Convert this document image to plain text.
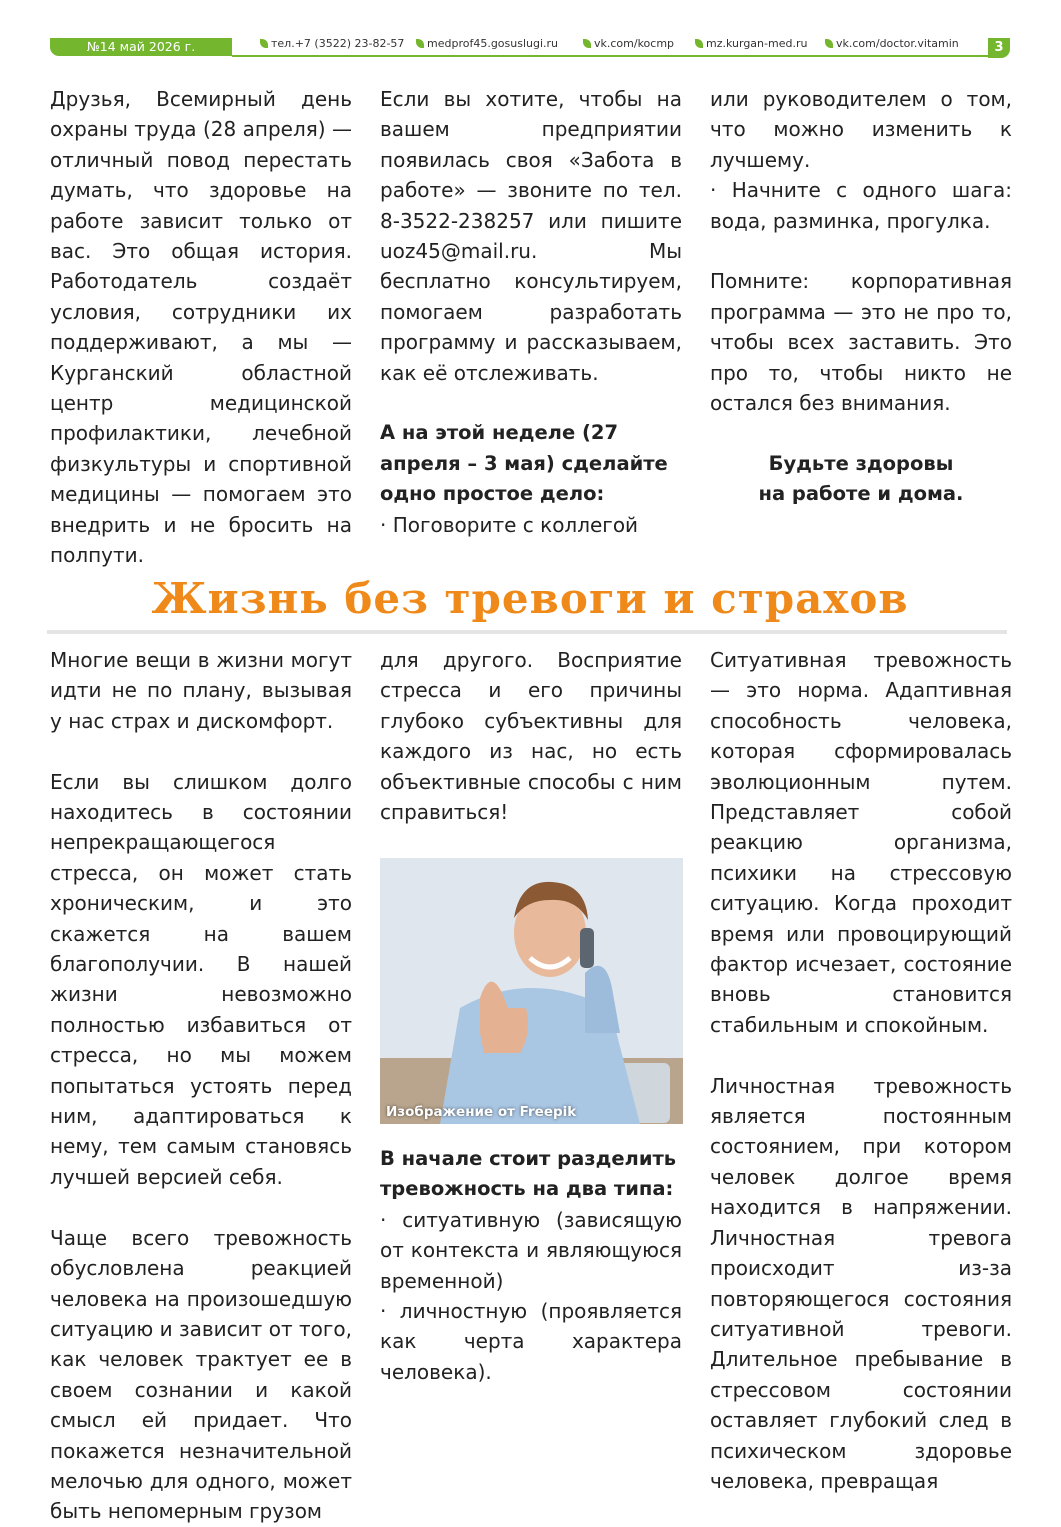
№14 май 2026 г.	тел.+7 (3522) 23-82-57	medprof45.gosuslugi.ru	vk.com/kocmp	mz.kurgan-med.ru	vk.com/doctor.vitamin	3

Друзья, Всемирный день охраны труда (28 апреля) — отличный повод перестать думать, что здоровье на работе зависит только от вас. Это общая история. Работодатель создаёт условия, сотрудники их поддерживают, а мы — Курганский областной центр медицинской профилактики, лечебной физкультуры и спортивной медицины — помогаем это внедрить и не бросить на полпути.

Если вы хотите, чтобы на вашем предприятии появилась своя «Забота в работе» — звоните по тел. 8-3522-238257 или пишите uoz45@mail.ru. Мы бесплатно консультируем, помогаем разработать программу и рассказываем, как её отслеживать.

А на этой неделе (27 апреля – 3 мая) сделайте одно простое дело:

· Поговорите с коллегой

или руководителем о том, что можно изменить к лучшему.

· Начните с одного шага: вода, разминка, прогулка.

Помните: корпоративная программа — это не про то, чтобы всех заставить. Это про то, чтобы никто не остался без внимания.

Будьте здоровы
на работе и дома.
Жизнь без тревоги и страхов

Многие вещи в жизни могут идти не по плану, вызывая у нас страх и дискомфорт.

Если вы слишком долго находитесь в состоянии непрекращающегося стресса, он может стать хроническим, и это скажется на вашем благополучии. В нашей жизни невозможно полностью избавиться от стресса, но мы можем попытаться устоять перед ним, адаптироваться к нему, тем самым становясь лучшей версией себя.

Чаще всего тревожность обусловлена реакцией человека на произошедшую ситуацию и зависит от того, как человек трактует ее в своем сознании и какой смысл ей придает. Что покажется незначительной мелочью для одного, может быть непомерным грузом

для другого. Восприятие стресса и его причины глубоко субъективны для каждого из нас, но есть объективные способы с ним справиться!

Изображение от Freepik
В начале стоит разделить тревожность на два типа:

· ситуативную (зависящую от контекста и являющуюся временной)

· личностную (проявляется как черта характера человека).

Ситуативная тревожность — это норма. Адаптивная способность человека, которая сформировалась эволюционным путем. Представляет собой реакцию организма, психики на стрессовую ситуацию. Когда проходит время или провоцирующий фактор исчезает, состояние вновь становится стабильным и спокойным.

Личностная тревожность является постоянным состоянием, при котором человек долгое время находится в напряжении. Личностная тревога происходит из-за повторяющегося состояния ситуативной тревоги. Длительное пребывание в стрессовом состоянии оставляет глубокий след в психическом здоровье человека, превращая
